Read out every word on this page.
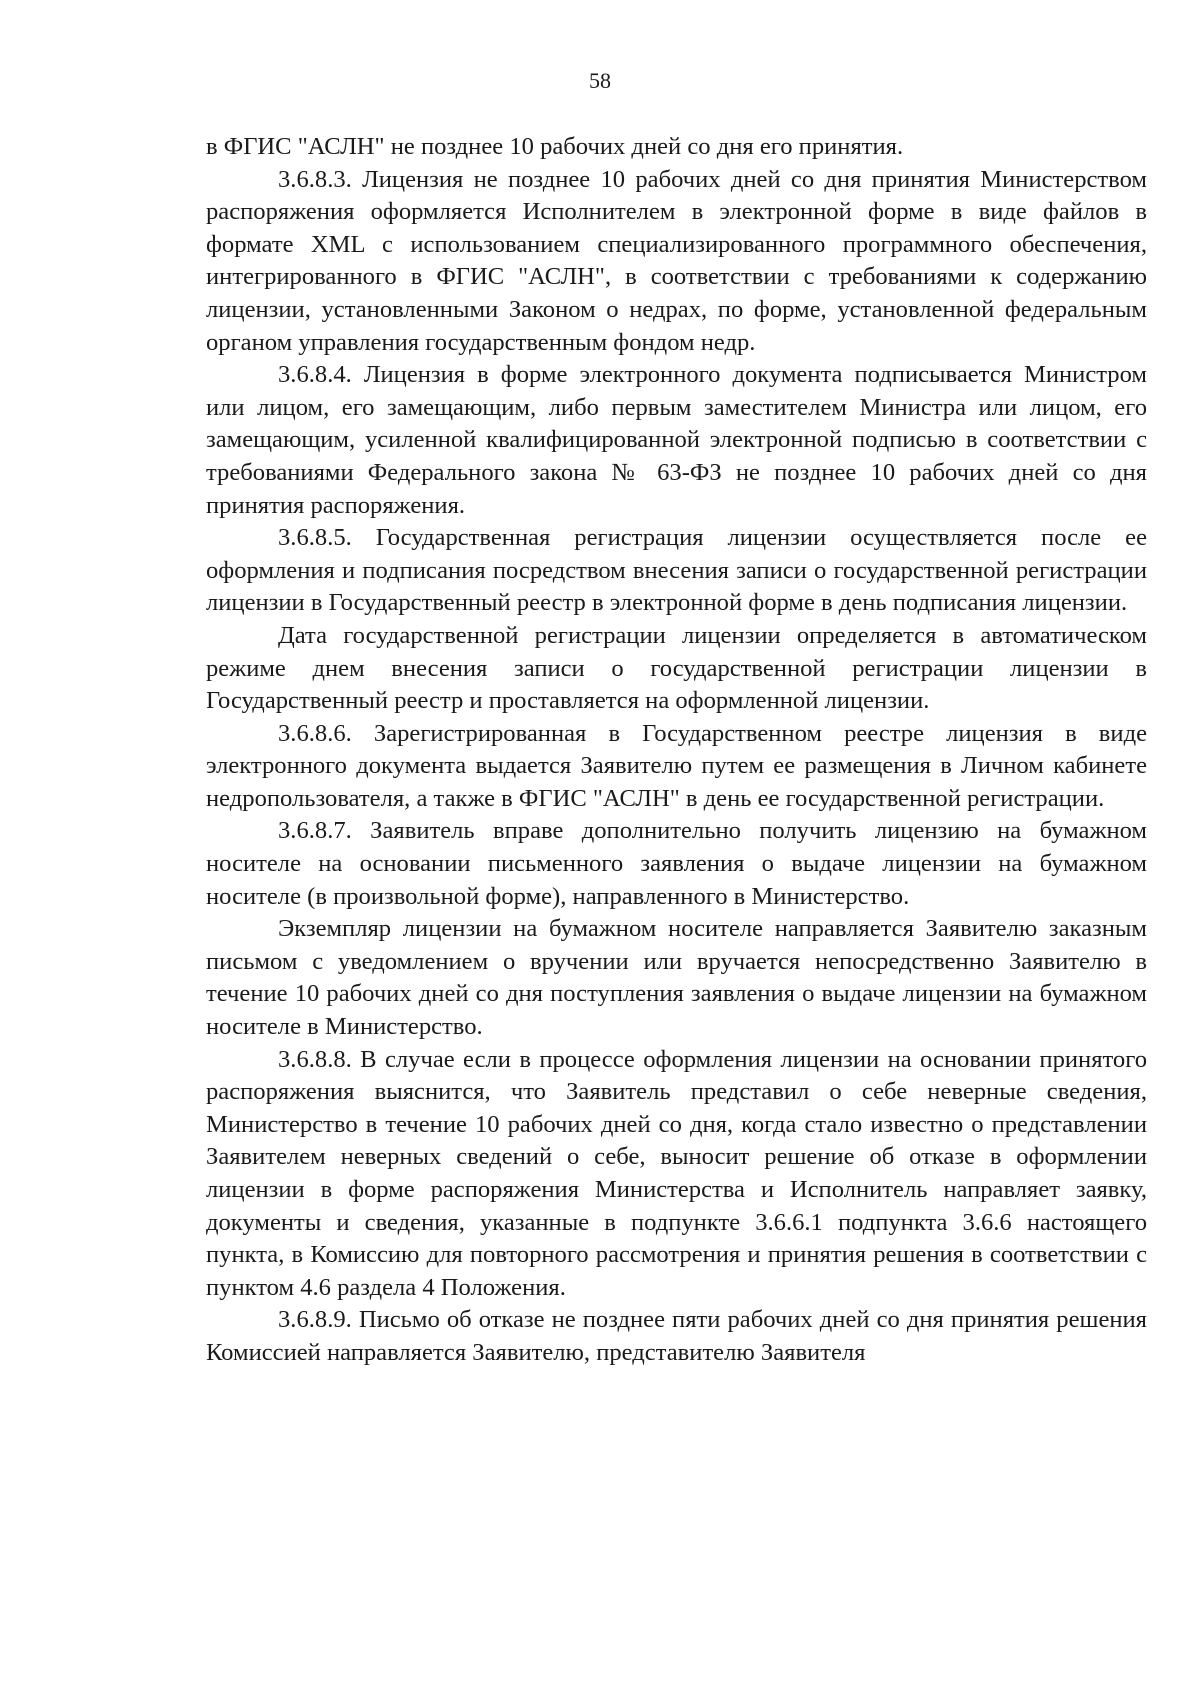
58

в ФГИС "АСЛН" не позднее 10 рабочих дней со дня его принятия.

3.6.8.3. Лицензия не позднее 10 рабочих дней со дня принятия Министерством распоряжения оформляется Исполнителем в электронной форме в виде файлов в формате XML с использованием специализированного программного обеспечения, интегрированного в ФГИС "АСЛН", в соответствии с требованиями к содержанию лицензии, установленными Законом о недрах, по форме, установленной федеральным органом управления государственным фондом недр.

3.6.8.4. Лицензия в форме электронного документа подписывается Министром или лицом, его замещающим, либо первым заместителем Министра или лицом, его замещающим, усиленной квалифицированной электронной подписью в соответствии с требованиями Федерального закона № 63-ФЗ не позднее 10 рабочих дней со дня принятия распоряжения.

3.6.8.5. Государственная регистрация лицензии осуществляется после ее оформления и подписания посредством внесения записи о государственной регистрации лицензии в Государственный реестр в электронной форме в день подписания лицензии.

Дата государственной регистрации лицензии определяется в автоматическом режиме днем внесения записи о государственной регистрации лицензии в Государственный реестр и проставляется на оформленной лицензии.

3.6.8.6. Зарегистрированная в Государственном реестре лицензия в виде электронного документа выдается Заявителю путем ее размещения в Личном кабинете недропользователя, а также в ФГИС "АСЛН" в день ее государственной регистрации.

3.6.8.7. Заявитель вправе дополнительно получить лицензию на бумажном носителе на основании письменного заявления о выдаче лицензии на бумажном носителе (в произвольной форме), направленного в Министерство.

Экземпляр лицензии на бумажном носителе направляется Заявителю заказным письмом с уведомлением о вручении или вручается непосредственно Заявителю в течение 10 рабочих дней со дня поступления заявления о выдаче лицензии на бумажном носителе в Министерство.

3.6.8.8. В случае если в процессе оформления лицензии на основании принятого распоряжения выяснится, что Заявитель представил о себе неверные сведения, Министерство в течение 10 рабочих дней со дня, когда стало известно о представлении Заявителем неверных сведений о себе, выносит решение об отказе в оформлении лицензии в форме распоряжения Министерства и Исполнитель направляет заявку, документы и сведения, указанные в подпункте 3.6.6.1 подпункта 3.6.6 настоящего пункта, в Комиссию для повторного рассмотрения и принятия решения в соответствии с пунктом 4.6 раздела 4 Положения.

3.6.8.9. Письмо об отказе не позднее пяти рабочих дней со дня принятия решения Комиссией направляется Заявителю, представителю Заявителя
